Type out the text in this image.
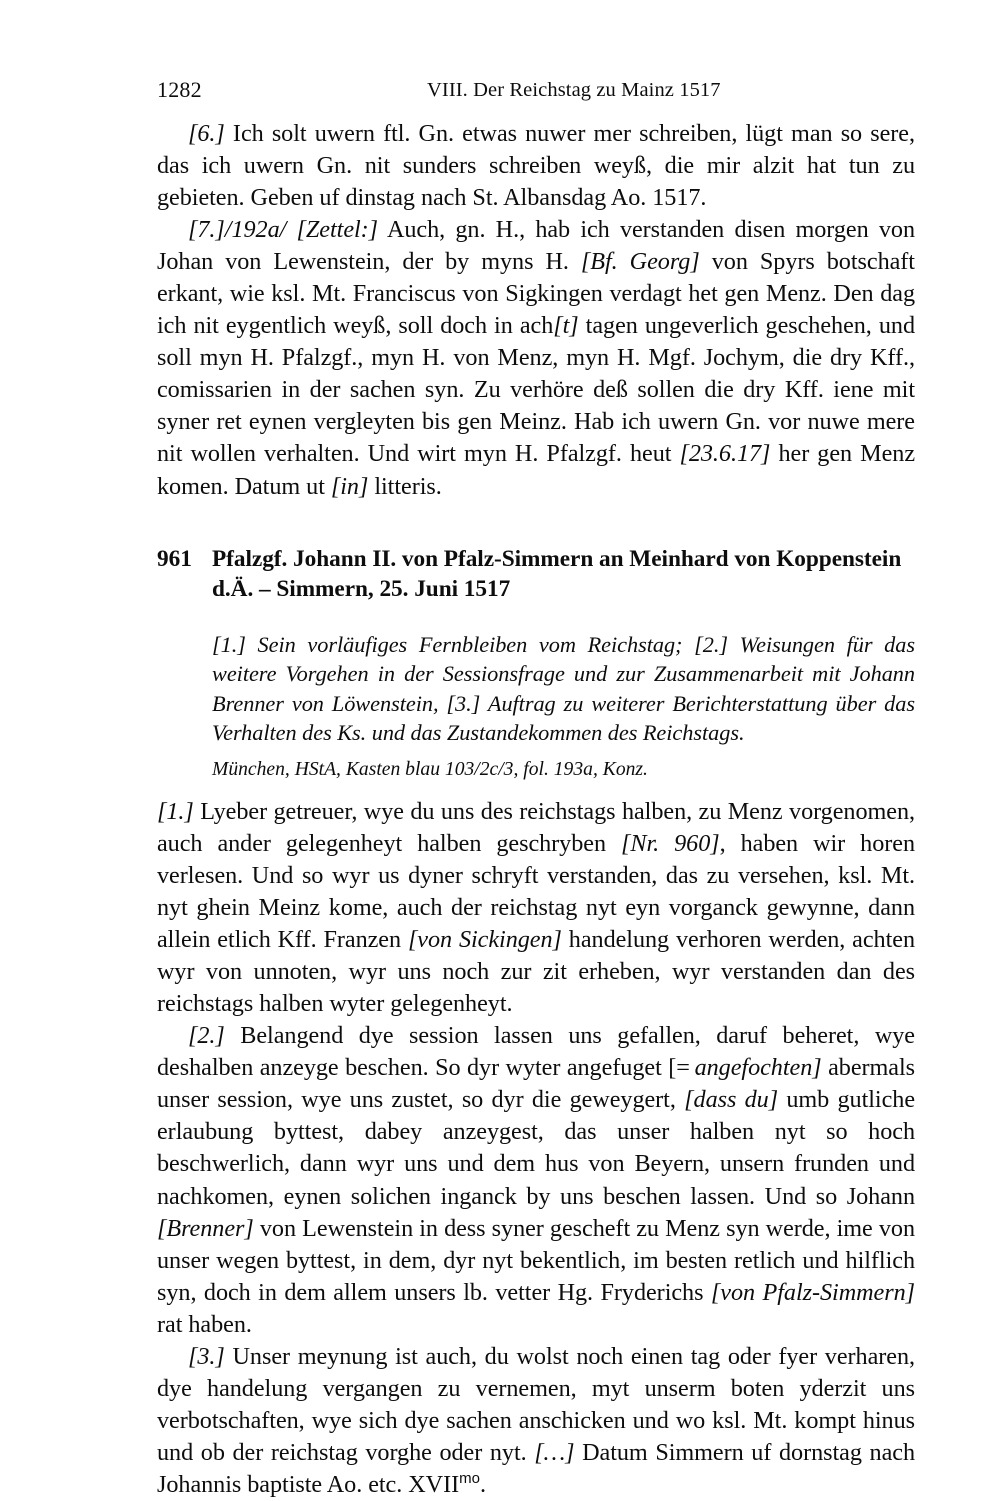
1282	VIII. Der Reichstag zu Mainz 1517

[6.] Ich solt uwern ftl. Gn. etwas nuwer mer schreiben, lügt man so sere, das ich uwern Gn. nit sunders schreiben weyß, die mir alzit hat tun zu gebieten. Geben uf dinstag nach St. Albansdag Ao. 1517.

[7.]/192a/ [Zettel:] Auch, gn. H., hab ich verstanden disen morgen von Johan von Lewenstein, der by myns H. [Bf. Georg] von Spyrs botschaft erkant, wie ksl. Mt. Franciscus von Sigkingen verdagt het gen Menz. Den dag ich nit eygentlich weyß, soll doch in ach[t] tagen ungeverlich geschehen, und soll myn H. Pfalzgf., myn H. von Menz, myn H. Mgf. Jochym, die dry Kff., comissarien in der sachen syn. Zu verhöre deß sollen die dry Kff. iene mit syner ret eynen vergleyten bis gen Meinz. Hab ich uwern Gn. vor nuwe mere nit wollen verhalten. Und wirt myn H. Pfalzgf. heut [23.6.17] her gen Menz komen. Datum ut [in] litteris.

961 Pfalzgf. Johann II. von Pfalz-Simmern an Meinhard von Koppenstein
d.Ä. – Simmern, 25. Juni 1517
[1.] Sein vorläufiges Fernbleiben vom Reichstag; [2.] Weisungen für das weitere Vorgehen in der Sessionsfrage und zur Zusammenarbeit mit Johann Brenner von Löwenstein, [3.] Auftrag zu weiterer Berichterstattung über das Verhalten des Ks. und das Zustandekommen des Reichstags.
München, HStA, Kasten blau 103/2c/3, fol. 193a, Konz.

[1.] Lyeber getreuer, wye du uns des reichstags halben, zu Menz vorgenomen, auch ander gelegenheyt halben geschryben [Nr. 960], haben wir horen verlesen. Und so wyr us dyner schryft verstanden, das zu versehen, ksl. Mt. nyt ghein Meinz kome, auch der reichstag nyt eyn vorganck gewynne, dann allein etlich Kff. Franzen [von Sickingen] handelung verhoren werden, achten wyr von unnoten, wyr uns noch zur zit erheben, wyr verstanden dan des reichstags halben wyter gelegenheyt.

[2.] Belangend dye session lassen uns gefallen, daruf beheret, wye deshalben anzeyge beschen. So dyr wyter angefuget [= angefochten] abermals unser session, wye uns zustet, so dyr die geweygert, [dass du] umb gutliche erlaubung byttest, dabey anzeygest, das unser halben nyt so hoch beschwerlich, dann wyr uns und dem hus von Beyern, unsern frunden und nachkomen, eynen solichen inganck by uns beschen lassen. Und so Johann [Brenner] von Lewenstein in dess syner gescheft zu Menz syn werde, ime von unser wegen byttest, in dem, dyr nyt bekentlich, im besten retlich und hilflich syn, doch in dem allem unsers lb. vetter Hg. Fryderichs [von Pfalz-Simmern] rat haben.

[3.] Unser meynung ist auch, du wolst noch einen tag oder fyer verharen, dye handelung vergangen zu vernemen, myt unserm boten yderzit uns verbotschaften, wye sich dye sachen anschicken und wo ksl. Mt. kompt hinus und ob der reichstag vorghe oder nyt. […] Datum Simmern uf dornstag nach Johannis baptiste Ao. etc. $XVII^{mo}$.
